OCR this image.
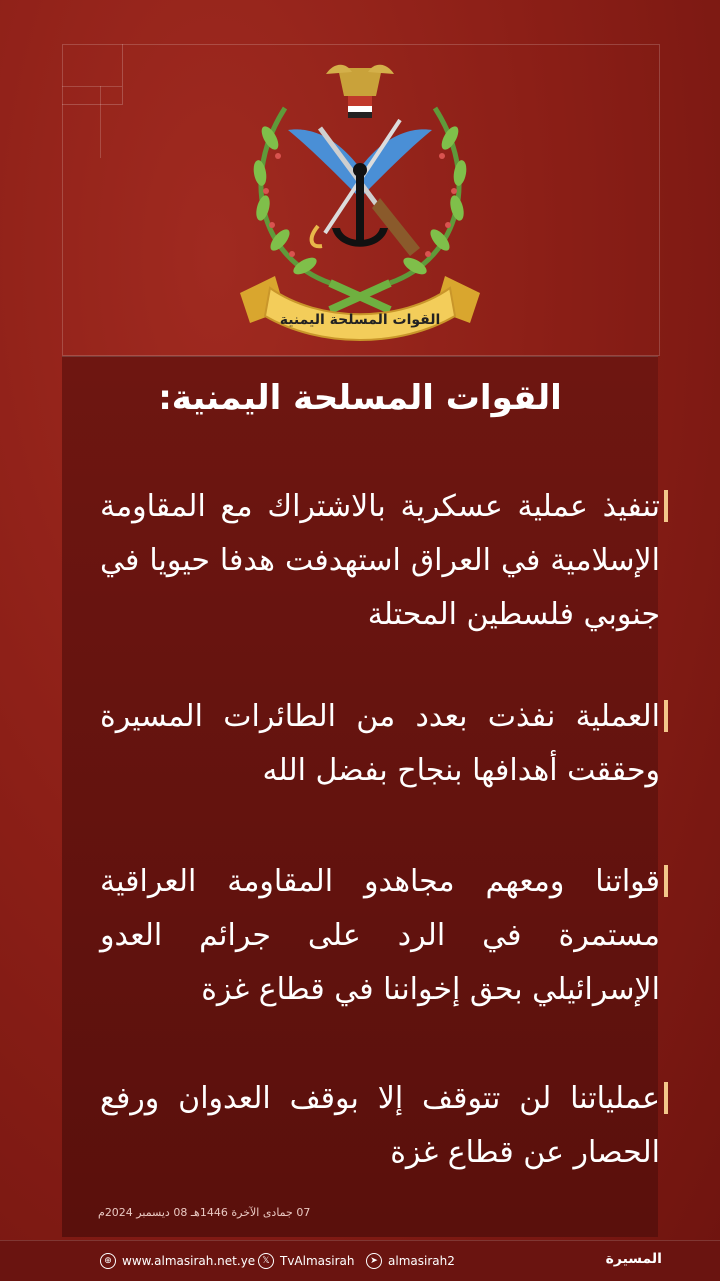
القوات المسلحة اليمنية
القوات المسلحة اليمنية:

تنفيذ عملية عسكرية بالاشتراك مع المقاومة الإسلامية في العراق استهدفت هدفا حيويا في جنوبي فلسطين المحتلة

العملية نفذت بعدد من الطائرات المسيرة وحققت أهدافها بنجاح بفضل الله

قواتنا ومعهم مجاهدو المقاومة العراقية مستمرة في الرد على جرائم العدو الإسرائيلي بحق إخواننا في قطاع غزة

عملياتنا لن تتوقف إلا بوقف العدوان ورفع الحصار عن قطاع غزة

07 جمادى الآخرة 1446هـ 08 ديسمبر 2024م
⊕ www.almasirah.net.ye 𝕏 TvAlmasirah	➤ almasirah2	المسيرة
